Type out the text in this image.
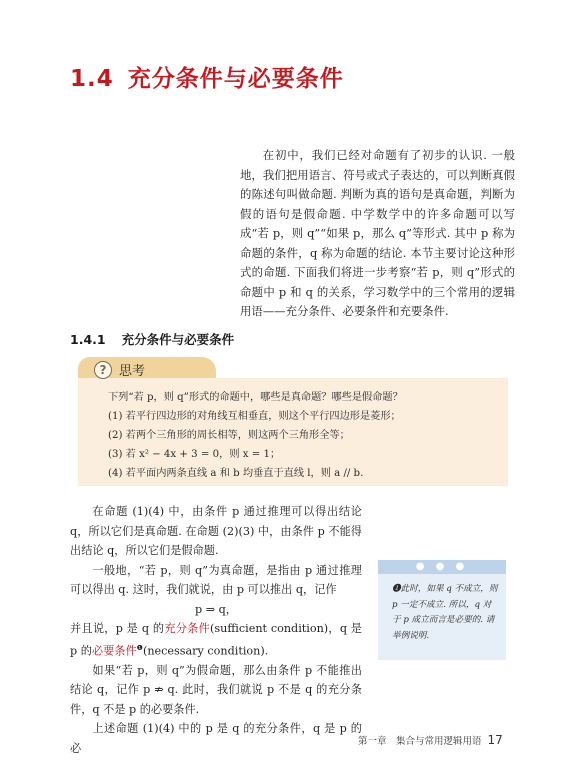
1.4 充分条件与必要条件

在初中，我们已经对命题有了初步的认识. 一般地，我们把用语言、符号或式子表达的，可以判断真假的陈述句叫做命题. 判断为真的语句是真命题，判断为假的语句是假命题. 中学数学中的许多命题可以写成“若 p，则 q”“如果 p，那么 q”等形式. 其中 p 称为命题的条件，q 称为命题的结论. 本节主要讨论这种形式的命题. 下面我们将进一步考察“若 p，则 q”形式的命题中 p 和 q 的关系，学习数学中的三个常用的逻辑用语——充分条件、必要条件和充要条件.

1.4.1 充分条件与必要条件
? 思考
下列“若 p，则 q”形式的命题中，哪些是真命题？哪些是假命题？
(1) 若平行四边形的对角线互相垂直，则这个平行四边形是菱形；
(2) 若两个三角形的周长相等，则这两个三角形全等；
(3) 若 x² − 4x + 3 = 0，则 x = 1；
(4) 若平面内两条直线 a 和 b 均垂直于直线 l，则 a // b.

在命题 (1)(4) 中，由条件 p 通过推理可以得出结论 q，所以它们是真命题. 在命题 (2)(3) 中，由条件 p 不能得出结论 q，所以它们是假命题.

一般地，“若 p，则 q”为真命题，是指由 p 通过推理可以得出 q. 这时，我们就说，由 p 可以推出 q，记作

p ⇒ q，

并且说，p 是 q 的充分条件(sufficient condition)，q 是 p 的必要条件$^❶$(necessary condition).

如果“若 p，则 q”为假命题，那么由条件 p 不能推出结论 q，记作 p ⇏ q. 此时，我们就说 p 不是 q 的充分条件，q 不是 p 的必要条件.

上述命题 (1)(4) 中的 p 是 q 的充分条件，q 是 p 的必

● ● ●
❶此时，如果 q 不成立，则 p 一定不成立. 所以，q 对于 p 成立而言是必要的. 请举例说明.
第一章　集合与常用逻辑用语 17
